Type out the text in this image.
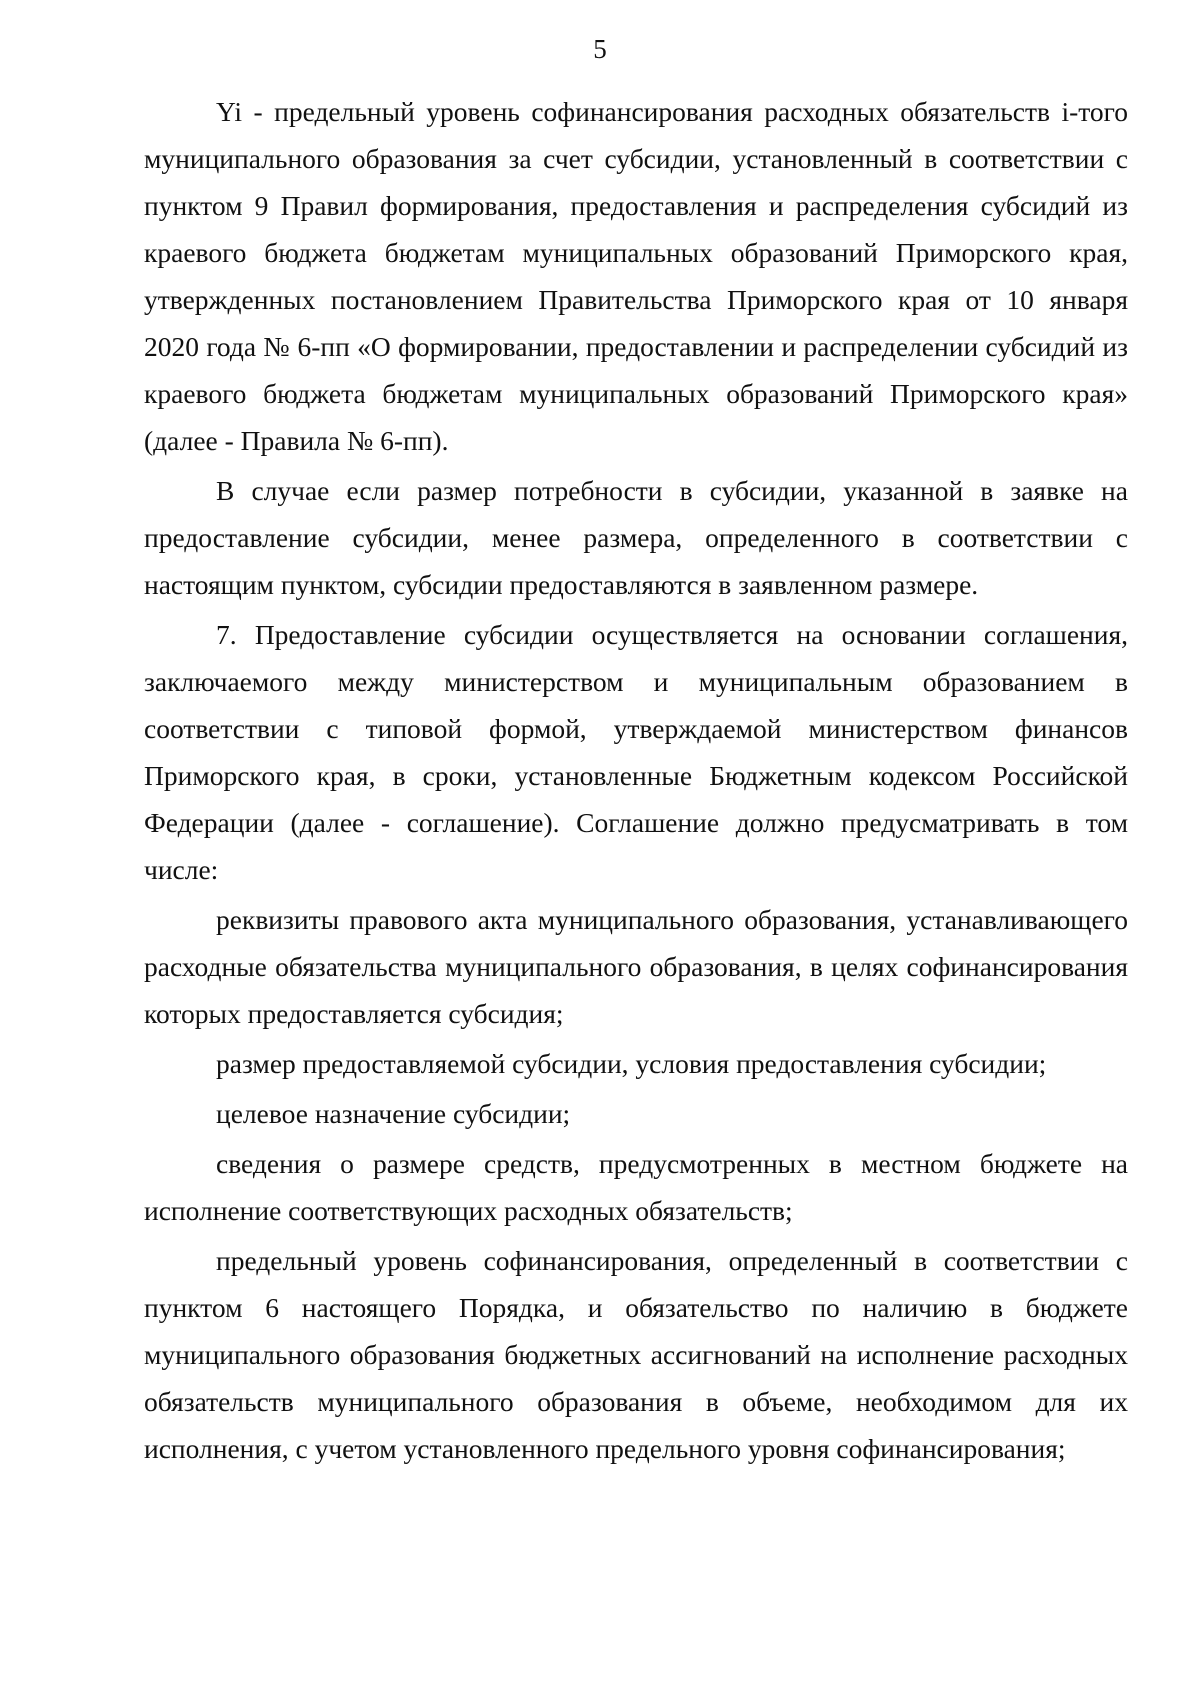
5

Yi - предельный уровень софинансирования расходных обязательств i-того муниципального образования за счет субсидии, установленный в соответствии с пунктом 9 Правил формирования, предоставления и распределения субсидий из краевого бюджета бюджетам муниципальных образований Приморского края, утвержденных постановлением Правительства Приморского края от 10 января 2020 года № 6-пп «О формировании, предоставлении и распределении субсидий из краевого бюджета бюджетам муниципальных образований Приморского края» (далее - Правила № 6-пп).

В случае если размер потребности в субсидии, указанной в заявке на предоставление субсидии, менее размера, определенного в соответствии с настоящим пунктом, субсидии предоставляются в заявленном размере.

7. Предоставление субсидии осуществляется на основании соглашения, заключаемого между министерством и муниципальным образованием в соответствии с типовой формой, утверждаемой министерством финансов Приморского края, в сроки, установленные Бюджетным кодексом Российской Федерации (далее - соглашение). Соглашение должно предусматривать в том числе:

реквизиты правового акта муниципального образования, устанавливающего расходные обязательства муниципального образования, в целях софинансирования которых предоставляется субсидия;

размер предоставляемой субсидии, условия предоставления субсидии;

целевое назначение субсидии;

сведения о размере средств, предусмотренных в местном бюджете на исполнение соответствующих расходных обязательств;

предельный уровень софинансирования, определенный в соответствии с пунктом 6 настоящего Порядка, и обязательство по наличию в бюджете муниципального образования бюджетных ассигнований на исполнение расходных обязательств муниципального образования в объеме, необходимом для их исполнения, с учетом установленного предельного уровня софинансирования;
